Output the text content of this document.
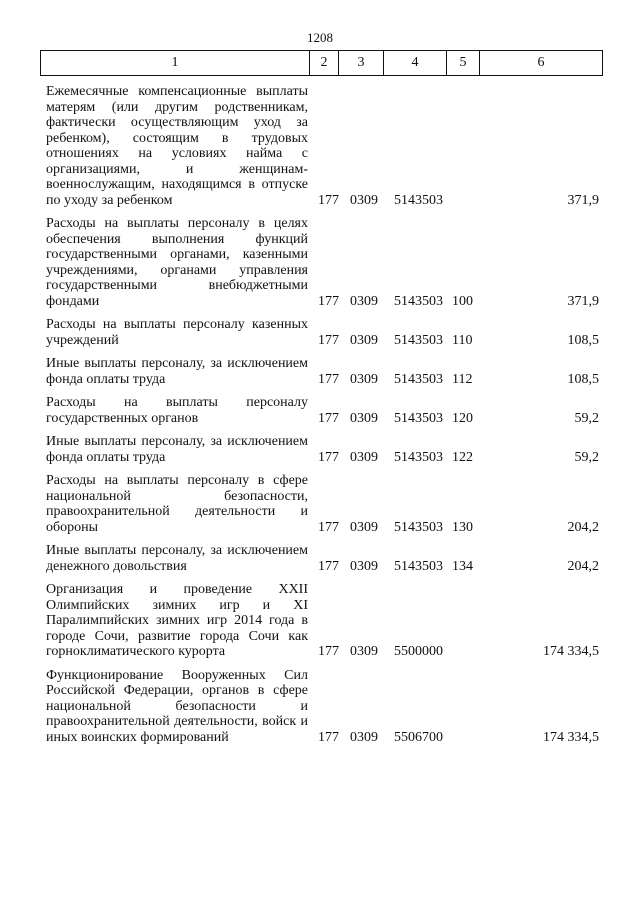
1208
1	2	3	4	5	6
Ежемесячные компенсационные выплаты матерям (или другим родственникам, фактически осуществляющим уход за ребенком), состоящим в трудовых отношениях на условиях найма с организациями, и женщинам-военнослужащим, находящимся в отпуске по уходу за ребенком	177 0309 5143503	371,9
Расходы на выплаты персоналу в целях обеспечения выполнения функций государственными органами, казенными учреждениями, органами управления государственными внебюджетными фондами	177 0309 5143503 100	371,9
Расходы на выплаты персоналу казенных учреждений	177 0309 5143503 110	108,5
Иные выплаты персоналу, за исключением фонда оплаты труда	177 0309 5143503 112	108,5
Расходы на выплаты персоналу государственных органов	177 0309 5143503 120	59,2
Иные выплаты персоналу, за исключением фонда оплаты труда	177 0309 5143503 122	59,2
Расходы на выплаты персоналу в сфере национальной безопасности, правоохранительной деятельности и обороны	177 0309 5143503 130	204,2
Иные выплаты персоналу, за исключением денежного довольствия	177 0309 5143503 134	204,2
Организация и проведение XXII Олимпийских зимних игр и XI Паралимпийских зимних игр 2014 года в городе Сочи, развитие города Сочи как горноклиматического курорта	177 0309 5500000	174 334,5
Функционирование Вооруженных Сил Российской Федерации, органов в сфере национальной безопасности и правоохранительной деятельности, войск и иных воинских формирований	177 0309 5506700	174 334,5
